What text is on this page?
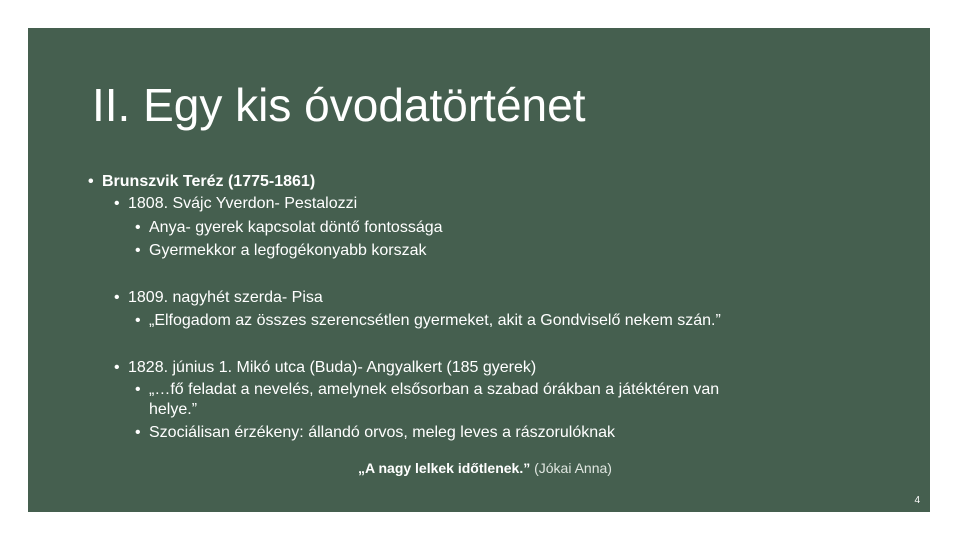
II. Egy kis óvodatörténet
• Brunszvik Teréz (1775-1861)
• 1808. Svájc Yverdon- Pestalozzi
• Anya- gyerek kapcsolat döntő fontossága
• Gyermekkor a legfogékonyabb korszak
• 1809. nagyhét szerda- Pisa
• „Elfogadom az összes szerencsétlen gyermeket, akit a Gondviselő nekem szán.”
• 1828. június 1. Mikó utca (Buda)- Angyalkert (185 gyerek)
• „…fő feladat a nevelés, amelynek elsősorban a szabad órákban a játéktéren van
helye.”
• Szociálisan érzékeny: állandó orvos, meleg leves a rászorulóknak
„A nagy lelkek időtlenek.” (Jókai Anna)
4
